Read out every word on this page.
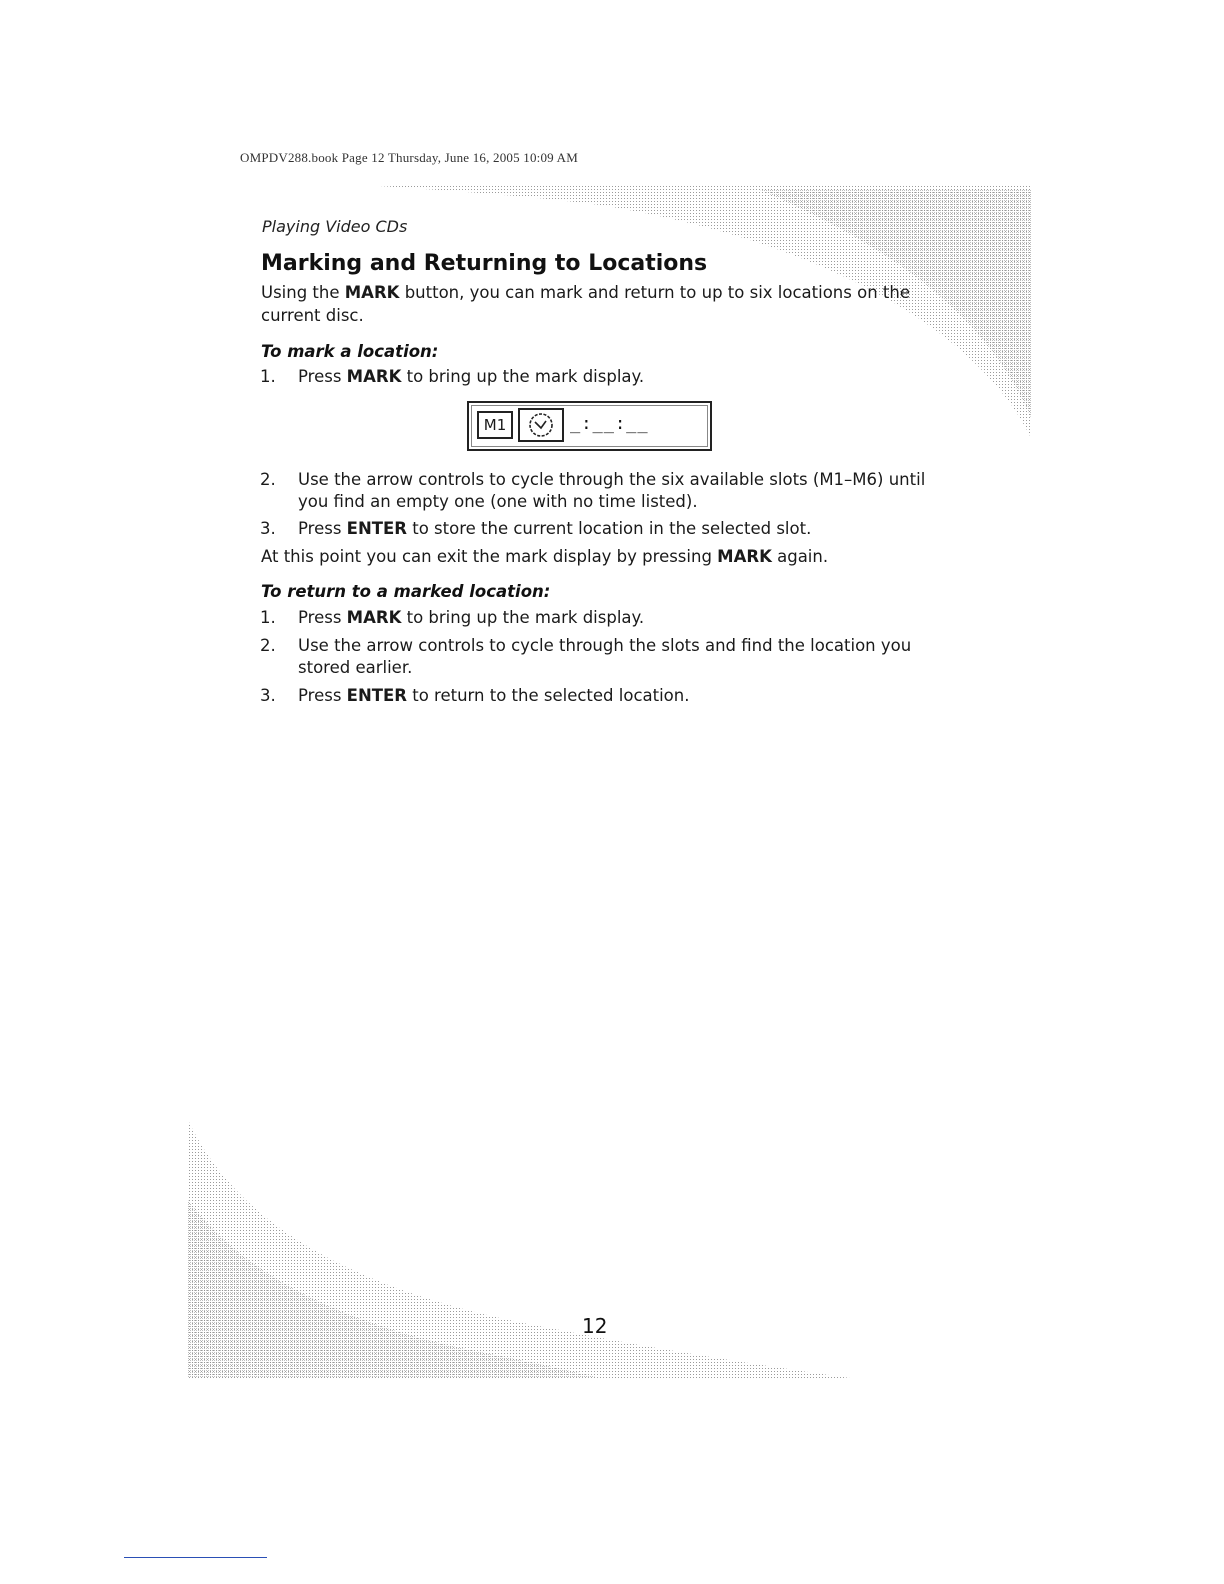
OMPDV288.book Page 12 Thursday, June 16, 2005 10:09 AM
Playing Video CDs
Marking and Returning to Locations
Using the MARK button, you can mark and return to up to six locations on the current disc.
To mark a location:
1. Press MARK to bring up the mark display.
M1	_:__:__
2. Use the arrow controls to cycle through the six available slots (M1–M6) until you find an empty one (one with no time listed).
3. Press ENTER to store the current location in the selected slot.
At this point you can exit the mark display by pressing MARK again.
To return to a marked location:
1. Press MARK to bring up the mark display.
2. Use the arrow controls to cycle through the slots and find the location you stored earlier.
3. Press ENTER to return to the selected location.
12
